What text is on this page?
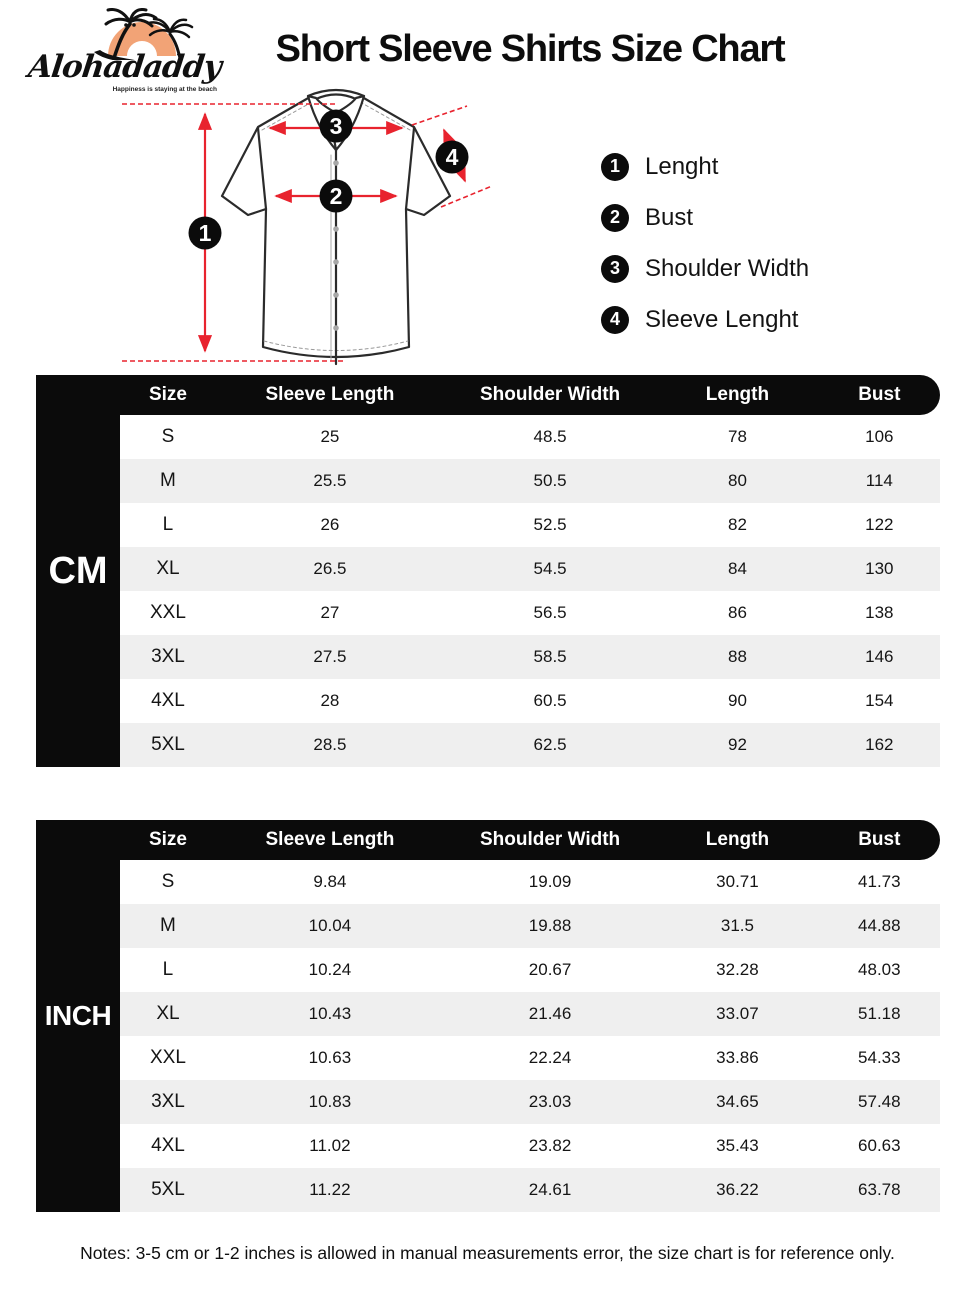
Alohadaddy
Happiness is staying at the beach
Short Sleeve Shirts Size Chart
1
2
3
4	1	Lenght
2	Bust
3	Shoulder Width
4	Sleeve Lenght
CM
Size	Sleeve Length	Shoulder Width	Length	Bust
S	25	48.5	78	106
M	25.5	50.5	80	114
L	26	52.5	82	122
XL	26.5	54.5	84	130
XXL	27	56.5	86	138
3XL	27.5	58.5	88	146
4XL	28	60.5	90	154
5XL	28.5	62.5	92	162
INCH
Size	Sleeve Length	Shoulder Width	Length	Bust
S	9.84	19.09	30.71	41.73
M	10.04	19.88	31.5	44.88
L	10.24	20.67	32.28	48.03
XL	10.43	21.46	33.07	51.18
XXL	10.63	22.24	33.86	54.33
3XL	10.83	23.03	34.65	57.48
4XL	11.02	23.82	35.43	60.63
5XL	11.22	24.61	36.22	63.78
Notes: 3-5 cm or 1-2 inches is allowed in manual measurements error, the size chart is for reference only.
